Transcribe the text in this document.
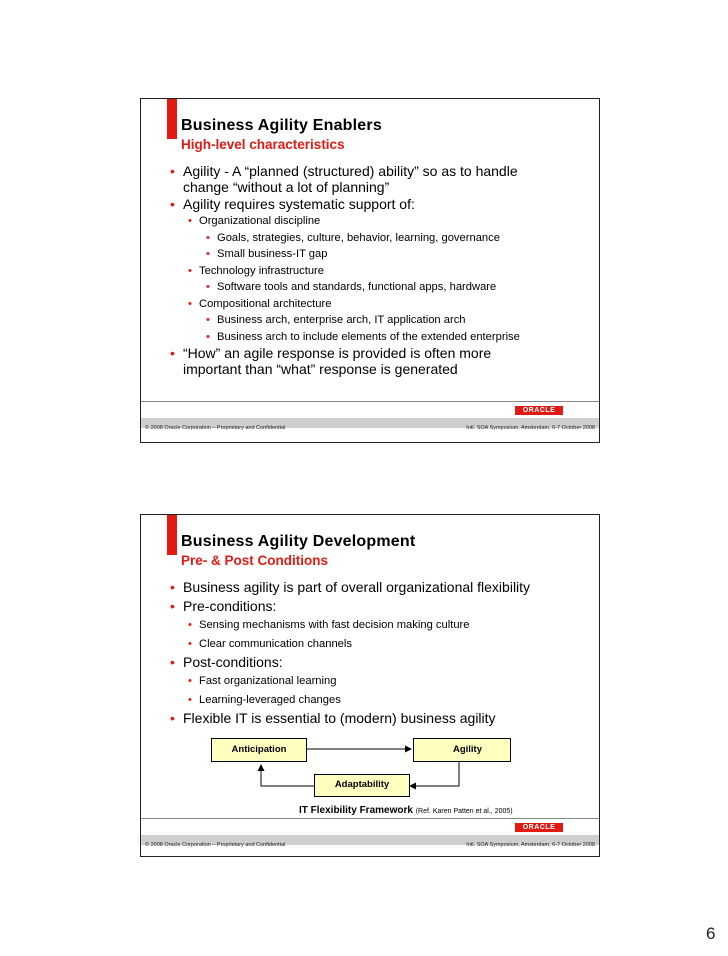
Business Agility Enablers
High-level characteristics
• Agility - A “planned (structured) ability” so as to handle
change “without a lot of planning”
• Agility requires systematic support of:
• Organizational discipline
• Goals, strategies, culture, behavior, learning, governance
• Small business-IT gap
• Technology infrastructure
• Software tools and standards, functional apps, hardware
• Compositional architecture
• Business arch, enterprise arch, IT application arch
• Business arch to include elements of the extended enterprise
• “How” an agile response is provided is often more
important than “what” response is generated
ORACLE
© 2008 Oracle Corporation – Proprietary and Confidential	Intl. SOA Symposium, Amsterdam, 6-7 October 2008
Business Agility Development
Pre- & Post Conditions
• Business agility is part of overall organizational flexibility
• Pre-conditions:
• Sensing mechanisms with fast decision making culture
• Clear communication channels
• Post-conditions:
• Fast organizational learning
• Learning-leveraged changes
• Flexible IT is essential to (modern) business agility
Anticipation	Agility
Adaptability
IT Flexibility Framework (Ref. Karen Patten et al., 2005)
ORACLE
© 2008 Oracle Corporation – Proprietary and Confidential	Intl. SOA Symposium, Amsterdam, 6-7 October 2008
6
